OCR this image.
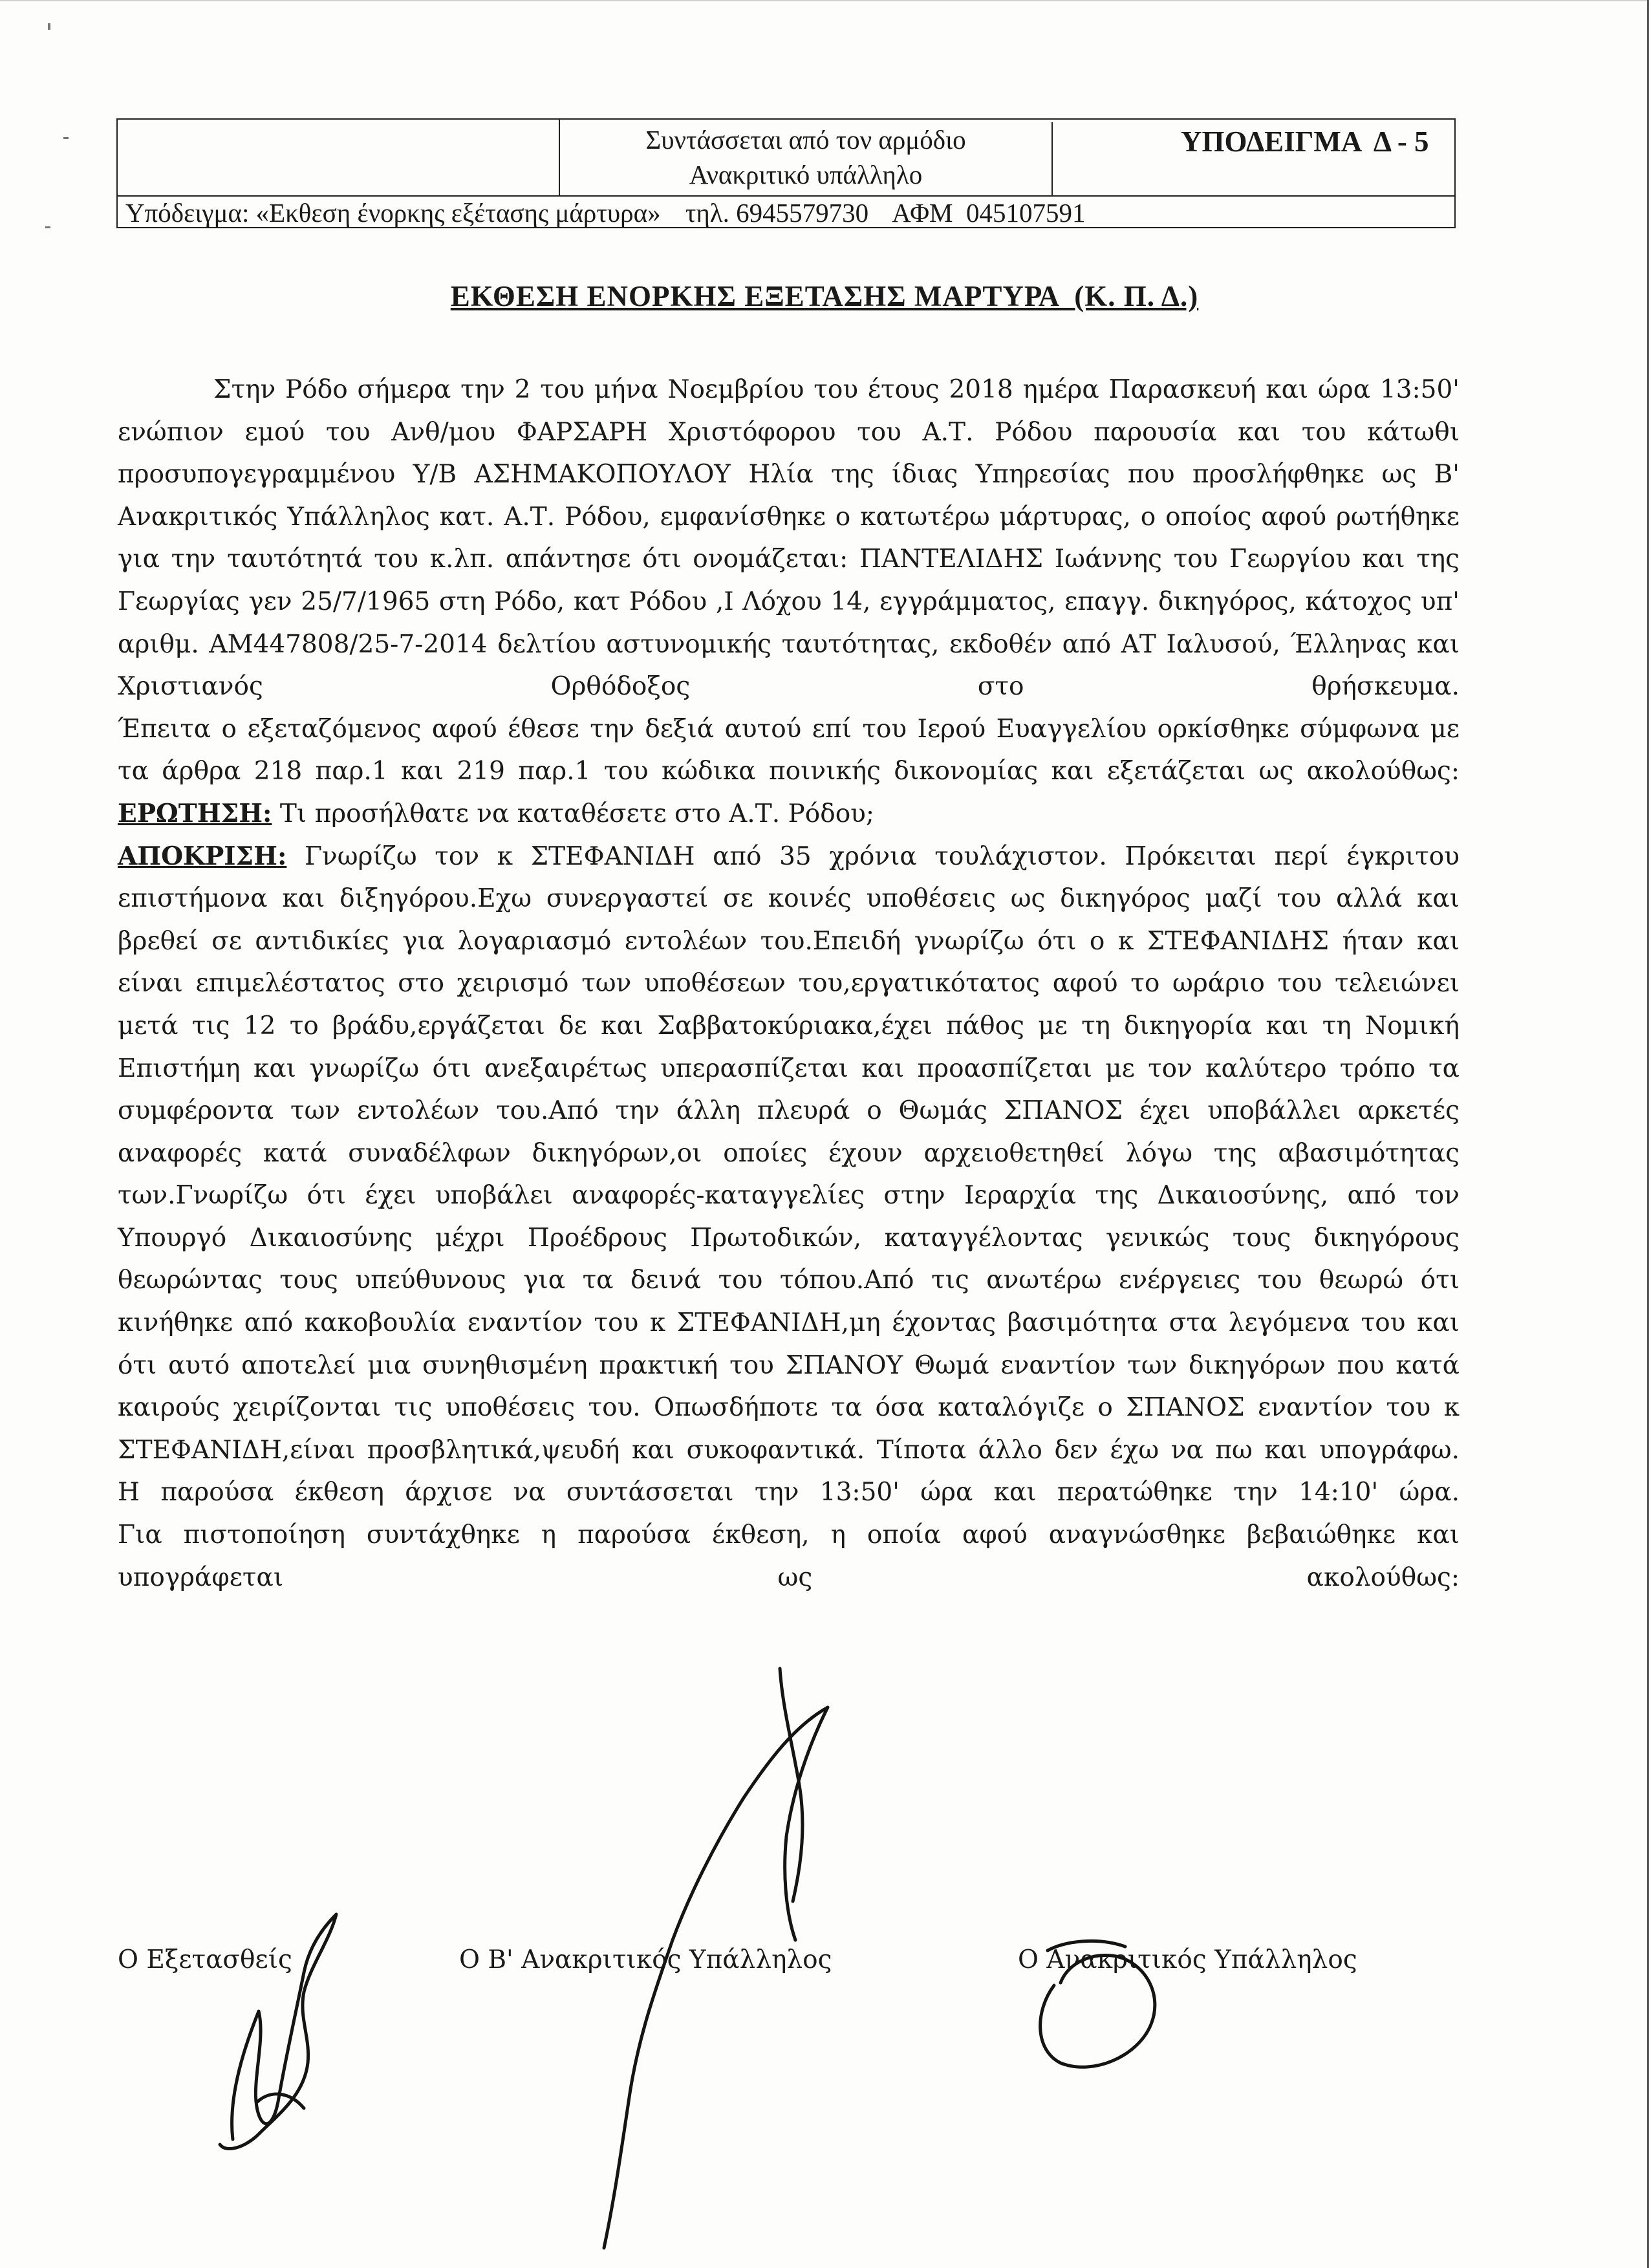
Συντάσσεται από τον αρμόδιο
Ανακριτικό υπάλληλο
ΥΠΟΔΕΙΓΜΑ  Δ - 5
Υπόδειγμα: «Εκθεση ένορκης εξέτασης μάρτυρα» τηλ. 6945579730 ΑΦΜ  045107591
ΕΚΘΕΣΗ ΕΝΟΡΚΗΣ ΕΞΕΤΑΣΗΣ ΜΑΡΤΥΡΑ  (Κ. Π. Δ.)

Στην Ρόδο σήμερα την 2 του μήνα Νοεμβρίου του έτους 2018 ημέρα Παρασκευή και ώρα 13:50' ενώπιον εμού του Ανθ/μου ΦΑΡΣΑΡΗ Χριστόφορου του Α.Τ. Ρόδου παρουσία και του κάτωθι προσυπογεγραμμένου Υ/Β ΑΣΗΜΑΚΟΠΟΥΛΟΥ Ηλία της ίδιας Υπηρεσίας που προσλήφθηκε ως Β' Ανακριτικός Υπάλληλος κατ. Α.Τ. Ρόδου, εμφανίσθηκε ο κατωτέρω μάρτυρας, ο οποίος αφού ρωτήθηκε για την ταυτότητά του κ.λπ. απάντησε ότι ονομάζεται: ΠΑΝΤΕΛΙΔΗΣ Ιωάννης του Γεωργίου και της Γεωργίας γεν 25/7/1965 στη Ρόδο, κατ Ρόδου ,Ι Λόχου 14, εγγράμματος, επαγγ. δικηγόρος, κάτοχος υπ' αριθμ. ΑΜ447808/25-7-2014 δελτίου αστυνομικής ταυτότητας, εκδοθέν από ΑΤ Ιαλυσού, Έλληνας και Χριστιανός Ορθόδοξος στο θρήσκευμα.

Έπειτα ο εξεταζόμενος αφού έθεσε την δεξιά αυτού επί του Ιερού Ευαγγελίου ορκίσθηκε σύμφωνα με τα άρθρα 218 παρ.1 και 219 παρ.1 του κώδικα ποινικής δικονομίας και εξετάζεται ως ακολούθως:

ΕΡΩΤΗΣΗ: Τι προσήλθατε να καταθέσετε στο Α.Τ. Ρόδου;

ΑΠΟΚΡΙΣΗ: Γνωρίζω τον κ ΣΤΕΦΑΝΙΔΗ από 35 χρόνια τουλάχιστον. Πρόκειται περί έγκριτου επιστήμονα και διξηγόρου.Εχω συνεργαστεί σε κοινές υποθέσεις ως δικηγόρος μαζί του αλλά και βρεθεί σε αντιδικίες για λογαριασμό εντολέων του.Επειδή γνωρίζω ότι ο κ ΣΤΕΦΑΝΙΔΗΣ ήταν και είναι επιμελέστατος στο χειρισμό των υποθέσεων του,εργατικότατος αφού το ωράριο του τελειώνει μετά τις 12 το βράδυ,εργάζεται δε και Σαββατοκύριακα,έχει πάθος με τη δικηγορία και τη Νομική Επιστήμη και γνωρίζω ότι ανεξαιρέτως υπερασπίζεται και προασπίζεται με τον καλύτερο τρόπο τα συμφέροντα των εντολέων του.Από την άλλη πλευρά ο Θωμάς ΣΠΑΝΟΣ έχει υποβάλλει αρκετές αναφορές κατά συναδέλφων δικηγόρων,οι οποίες έχουν αρχειοθετηθεί λόγω της αβασιμότητας των.Γνωρίζω ότι έχει υποβάλει αναφορές-καταγγελίες στην Ιεραρχία της Δικαιοσύνης, από τον Υπουργό Δικαιοσύνης μέχρι Προέδρους Πρωτοδικών, καταγγέλοντας γενικώς τους δικηγόρους θεωρώντας τους υπεύθυνους για τα δεινά του τόπου.Από τις ανωτέρω ενέργειες του θεωρώ ότι κινήθηκε από κακοβουλία εναντίον του κ ΣΤΕΦΑΝΙΔΗ,μη έχοντας βασιμότητα στα λεγόμενα του και ότι αυτό αποτελεί μια συνηθισμένη πρακτική του ΣΠΑΝΟΥ Θωμά εναντίον των δικηγόρων που κατά καιρούς χειρίζονται τις υποθέσεις του. Οπωσδήποτε τα όσα καταλόγιζε ο ΣΠΑΝΟΣ εναντίον του κ ΣΤΕΦΑΝΙΔΗ,είναι προσβλητικά,ψευδή και συκοφαντικά. Τίποτα άλλο δεν έχω να πω και υπογράφω.

Η παρούσα έκθεση άρχισε να συντάσσεται την 13:50' ώρα και περατώθηκε την 14:10' ώρα.

Για πιστοποίηση συντάχθηκε η παρούσα έκθεση, η οποία αφού αναγνώσθηκε βεβαιώθηκε και υπογράφεται ως ακολούθως:

Ο Εξετασθείς	Ο Β' Ανακριτικός Υπάλληλος	Ο Ανακριτικός Υπάλληλος
